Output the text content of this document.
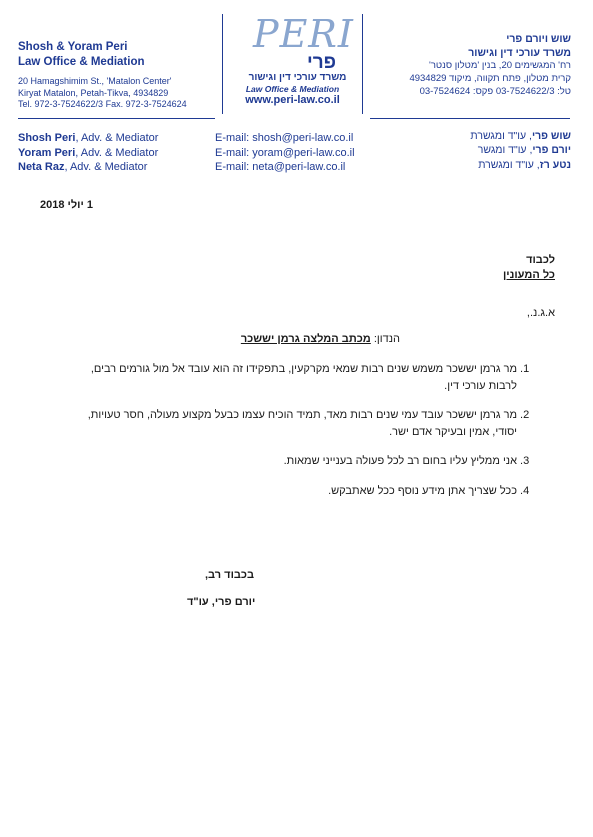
Shosh & Yoram Peri
Law Office & Mediation
20 Hamagshimim St., 'Matalon Center'
Kiryat Matalon, Petah-Tikva, 4934829
Tel. 972-3-7524622/3 Fax. 972-3-7524624
PERI
פרי
משרד עורכי דין וגישור
Law Office & Mediation
www.peri-law.co.il
שוש ויורם פרי
משרד עורכי דין וגישור
רח' המגשימים 20, בנין 'מטלון סנטר'
קרית מטלון, פתח תקווה, מיקוד 4934829
טל: 03-7524622/3 פקס: 03-7524624
Shosh Peri, Adv. & Mediator
Yoram Peri, Adv. & Mediator
Neta Raz, Adv. & Mediator
E-mail: shosh@peri-law.co.il
E-mail: yoram@peri-law.co.il
E-mail: neta@peri-law.co.il
שוש פרי, עו"ד ומגשרת
יורם פרי, עו"ד ומגשר
נטע רז, עו"ד ומגשרת
1 יולי 2018
לכבוד
כל המעונין
א.ג.נ.,
הנדון: מכתב המלצה גרמן יששכר
1. מר גרמן יששכר משמש שנים רבות שמאי מקרקעין, בתפקידו זה הוא עובד אל מול גורמים רבים, לרבות עורכי דין.
2. מר גרמן יששכר עובד עמי שנים רבות מאד, תמיד הוכיח עצמו כבעל מקצוע מעולה, חסר טעויות, יסודי, אמין ובעיקר אדם ישר.
3. אני ממליץ עליו בחום רב לכל פעולה בענייני שמאות.
4. ככל שצריך אתן מידע נוסף ככל שאתבקש.
בכבוד רב,
יורם פרי, עו"ד
